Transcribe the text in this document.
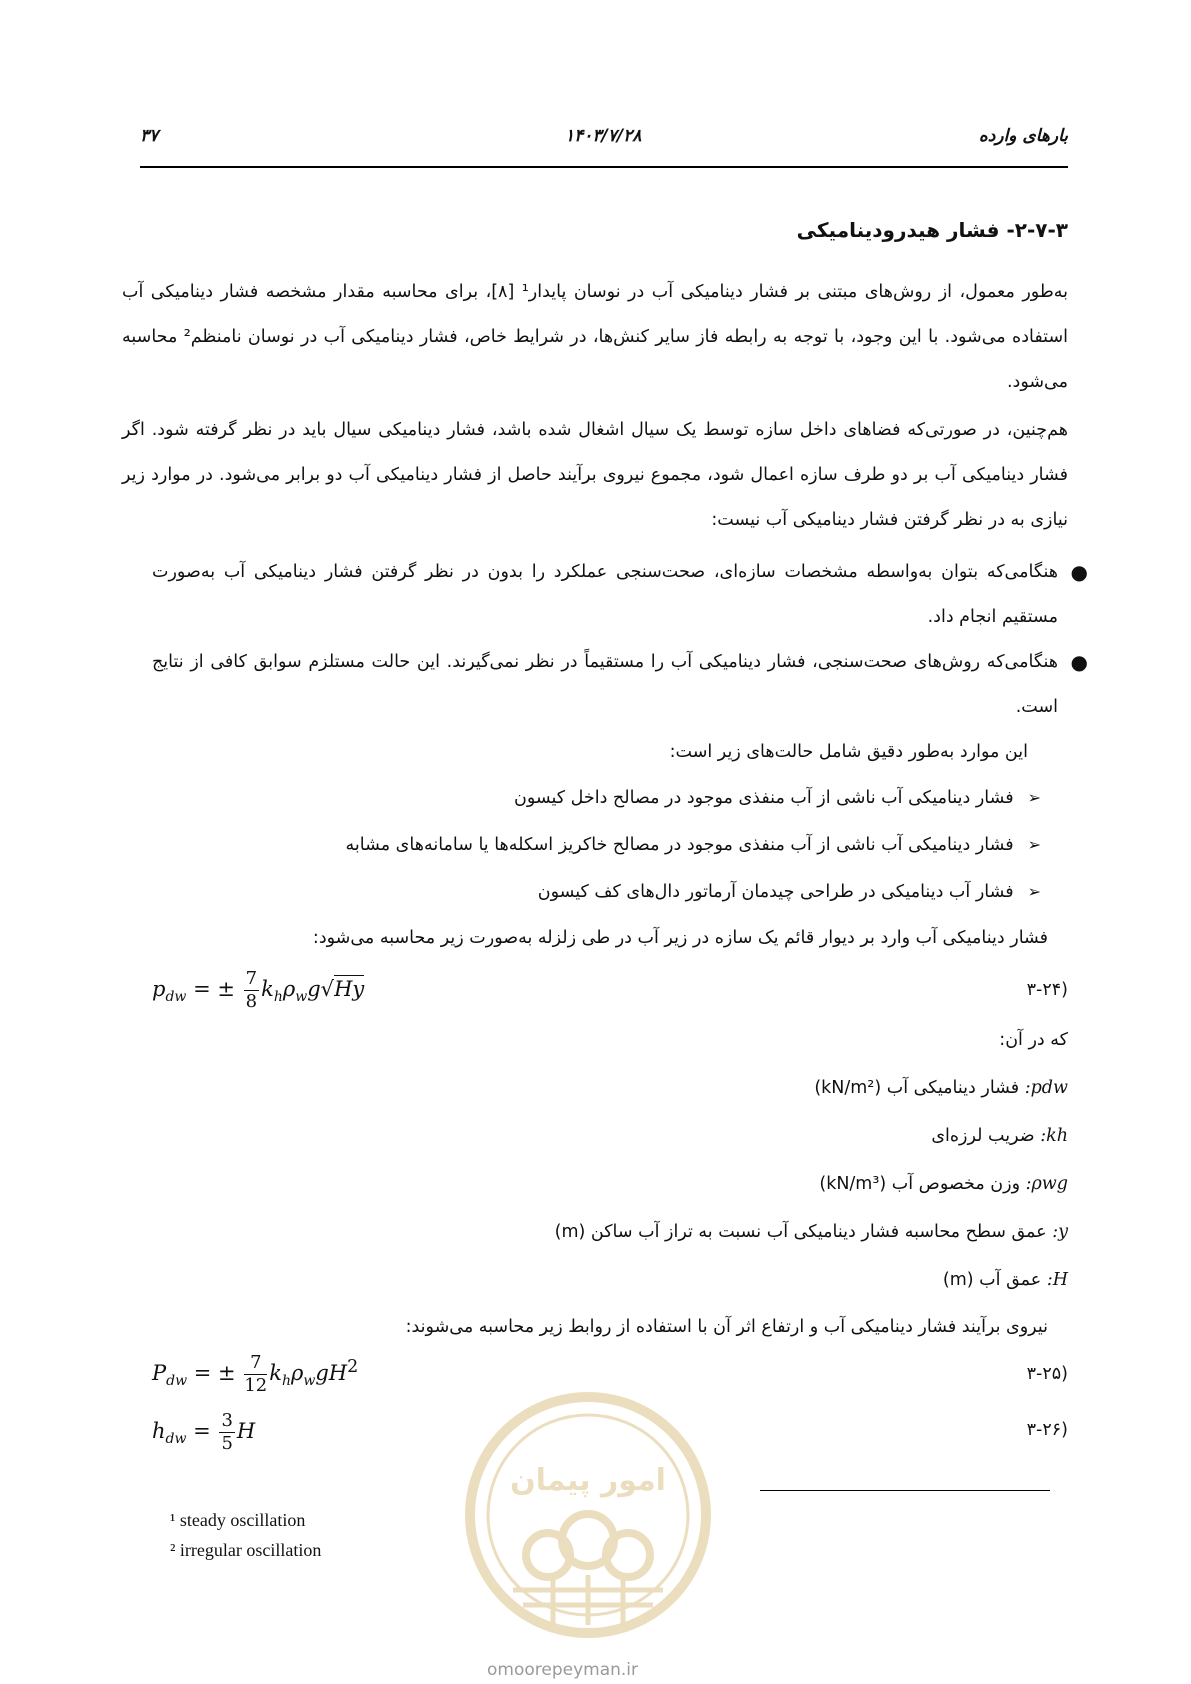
۳۷	۱۴۰۳/۷/۲۸	بارهای وارده
۲-۷-۳- فشار هیدرودینامیکی
به‌طور معمول، از روش‌های مبتنی بر فشار دینامیکی آب در نوسان پایدار¹ [۸]، برای محاسبه مقدار مشخصه فشار دینامیکی آب استفاده می‌شود. با این وجود، با توجه به رابطه فاز سایر کنش‌ها، در شرایط خاص، فشار دینامیکی آب در نوسان نامنظم² محاسبه می‌شود.
هم‌چنین، در صورتی‌که فضاهای داخل سازه توسط یک سیال اشغال شده باشد، فشار دینامیکی سیال باید در نظر گرفته شود. اگر فشار دینامیکی آب بر دو طرف سازه اعمال شود، مجموع نیروی برآیند حاصل از فشار دینامیکی آب دو برابر می‌شود. در موارد زیر نیازی به در نظر گرفتن فشار دینامیکی آب نیست:
●
هنگامی‌که بتوان به‌واسطه مشخصات سازه‌ای، صحت‌سنجی عملکرد را بدون در نظر گرفتن فشار دینامیکی آب به‌صورت مستقیم انجام داد.
●
هنگامی‌که روش‌های صحت‌سنجی، فشار دینامیکی آب را مستقیماً در نظر نمی‌گیرند. این حالت مستلزم سوابق کافی از نتایج است.
این موارد به‌طور دقیق شامل حالت‌های زیر است:
➢فشار دینامیکی آب ناشی از آب منفذی موجود در مصالح داخل کیسون
➢فشار دینامیکی آب ناشی از آب منفذی موجود در مصالح خاکریز اسکله‌ها یا سامانه‌های مشابه
➢فشار آب دینامیکی در طراحی چیدمان آرماتور دال‌های کف کیسون
فشار دینامیکی آب وارد بر دیوار قائم یک سازه در زیر آب در طی زلزله به‌صورت زیر محاسبه می‌شود:
$p_{dw}$ = ± $\frac{7}{8} k_h\rho_wg√Hy$	(۳-۲۴
که در آن:
pdw: فشار دینامیکی آب (kN/m²)
kh: ضریب لرزه‌ای
ρwg: وزن مخصوص آب (kN/m³)
y: عمق سطح محاسبه فشار دینامیکی آب نسبت به تراز آب ساکن (m)
H: عمق آب (m)
نیروی برآیند فشار دینامیکی آب و ارتفاع اثر آن با استفاده از روابط زیر محاسبه می‌شوند:
$P_{dw}$ = ± $\frac{7}{12} k_h\rho_wgH^2$	(۳-۲۵
$h_{dw} = \frac{3}{5}$ H	(۳-۲۶
امور پیمان
omoorepeyman.ir
¹ steady oscillation
² irregular oscillation
